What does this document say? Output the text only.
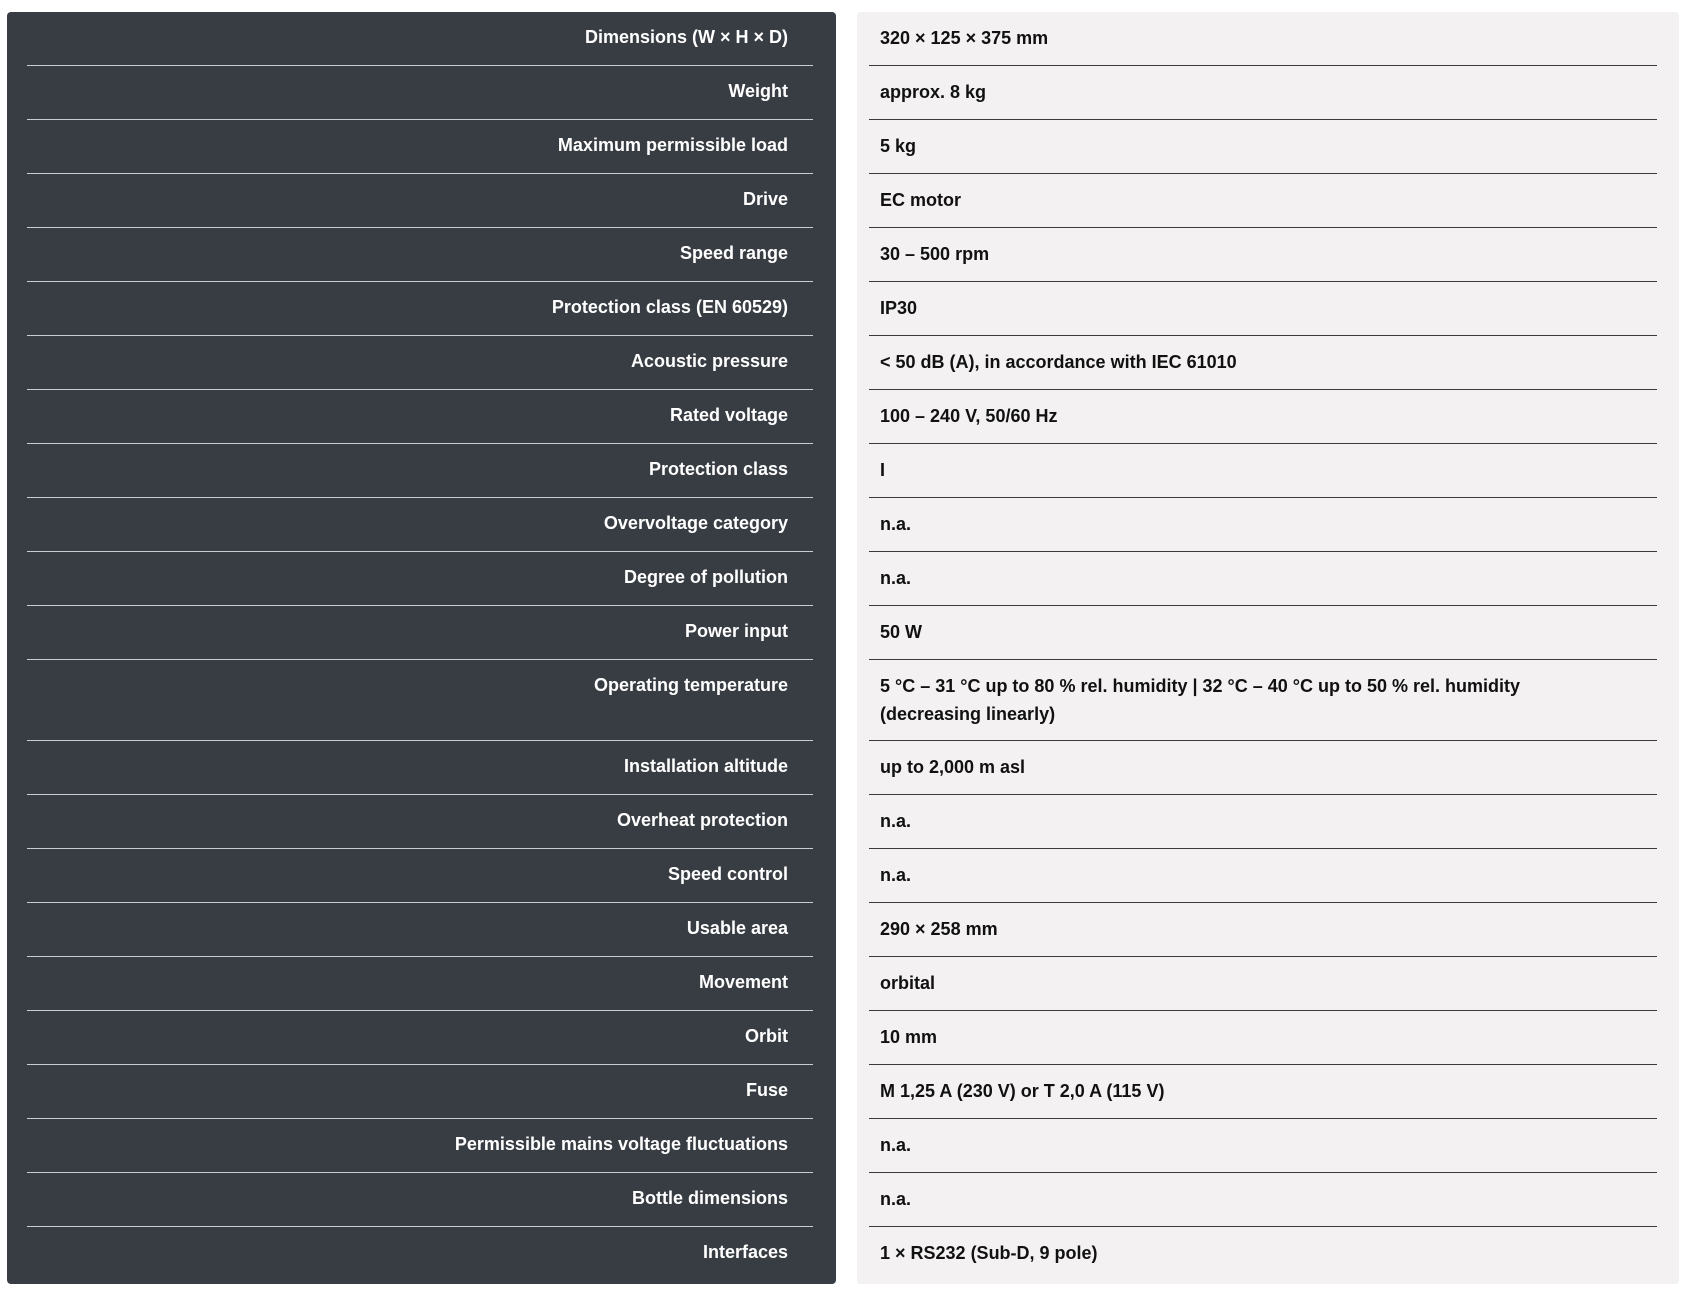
Dimensions (W × H × D)	320 × 125 × 375 mm
Weight	approx. 8 kg
Maximum permissible load	5 kg
Drive	EC motor
Speed range	30 – 500 rpm
Protection class (EN 60529)	IP30
Acoustic pressure	< 50 dB (A), in accordance with IEC 61010
Rated voltage	100 – 240 V, 50/60 Hz
Protection class	I
Overvoltage category	n.a.
Degree of pollution	n.a.
Power input	50 W
Operating temperature	5 °C – 31 °C up to 80 % rel. humidity | 32 °C – 40 °C up to 50 % rel. humidity (decreasing linearly)
Installation altitude	up to 2,000 m asl
Overheat protection	n.a.
Speed control	n.a.
Usable area	290 × 258 mm
Movement	orbital
Orbit	10 mm
Fuse	M 1,25 A (230 V) or T 2,0 A (115 V)
Permissible mains voltage fluctuations	n.a.
Bottle dimensions	n.a.
Interfaces	1 × RS232 (Sub-D, 9 pole)
